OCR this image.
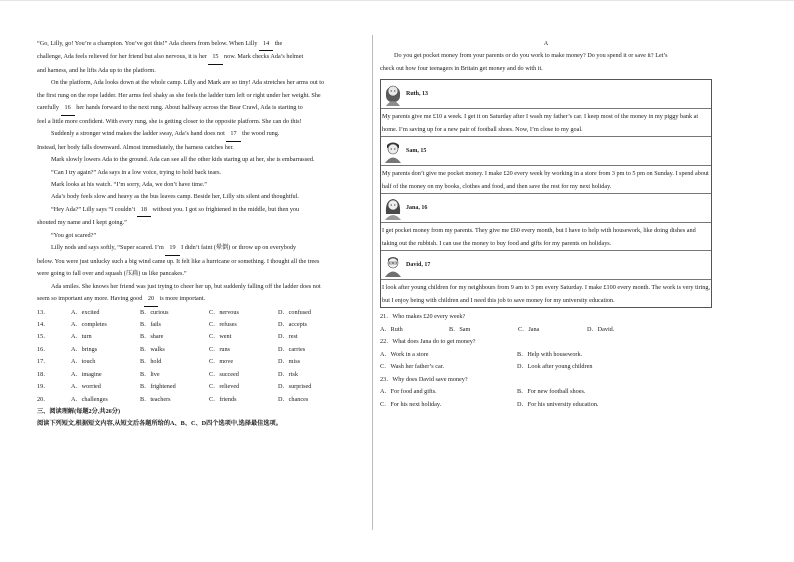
“Go, Lilly, go! You’re a champion. You’ve got this!” Ada cheers from below. When Lilly 14 the
challenge, Ada feels relieved for her friend but also nervous, it is her 15 now. Mark checks Ada’s helmet
and harness, and he lifts Ada up to the platform.
On the platform, Ada looks down at the whole camp. Lilly and Mark are so tiny! Ada stretches her arms out to
the first rung on the rope ladder. Her arms feel shaky as she feels the ladder turn left or right under her weight. She
carefully 16 her hands forward to the next rung. About halfway across the Bear Crawl, Ada is starting to
feel a little more confident. With every rung, she is getting closer to the opposite platform. She can do this!
Suddenly a stronger wind makes the ladder sway, Ada’s hand does not 17 the wood rung.
Instead, her body falls downward. Almost immediately, the harness catches her.
Mark slowly lowers Ada to the ground. Ada can see all the other kids staring up at her, she is embarrassed.
“Can I try again?” Ada says in a low voice, trying to hold back tears.
Mark looks at his watch. “I’m sorry, Ada, we don’t have time.”
Ada’s body feels slow and heavy as the bus leaves camp. Beside her, Lilly sits silent and thoughtful.
“Hey Ada?” Lilly says “I couldn’t 18 without you. I got so frightened in the middle, but then you
shouted my name and I kept going.”
“You got scared?”
Lilly nods and says softly, “Super scared. I’m 19 I didn’t faint (晕倒) or throw up on everybody
below. You were just unlucky such a big wind came up. It felt like a hurricane or something. I thought all the trees
were going to fall over and squash (压扁) us like pancakes.”
Ada smiles. She knows her friend was just trying to cheer her up, but suddenly falling off the ladder does not
seem so important any more. Having good 20 is more important.
13．	A．excited	B．curious	C．nervous	D．confused
14．	A．completes	B．fails	C．refuses	D．accepts
15．	A．turn	B．share	C．went	D．rest
16．	A．brings	B．walks	C．runs	D．carries
17．	A．touch	B．hold	C．move	D．miss
18．	A．imagine	B．live	C．succeed	D．risk
19．	A．worried	B．frightened	C．relieved	D．surprised
20．	A．challenges	B．teachers	C．friends	D．chances
三、阅读理解(每题2分,共26分)
阅读下列短文,根据短文内容,从短文后各题所给的A、B、C、D四个选项中,选择最佳选项。
A
Do you get pocket money from your parents or do you work to make money? Do you spend it or save it? Let’s
check out how four teenagers in Britain get money and do with it.
Ruth, 13
My parents give me £10 a week. I get it on Saturday after I wash my father’s car. I keep most of the money in my piggy bank at home. I’m saving up for a new pair of football shoes. Now, I’m close to my goal.
Sam, 15
My parents don’t give me pocket money. I make £20 every week by working in a store from 3 pm to 5 pm on Sunday. I spend about half of the money on my books, clothes and food, and then save the rest for my next holiday.
Jana, 16
I get pocket money from my parents. They give me £60 every month, but I have to help with housework, like doing dishes and taking out the rubbish. I can use the money to buy food and gifts for my parents on holidays.
David, 17
I look after young children for my neighbours from 9 am to 3 pm every Saturday. I make £100 every month. The work is very tiring, but I enjoy being with children and I need this job to save money for my university education.
21．Who makes £20 every week?
A．Ruth	B．Sam	C．Jana	D．David.
22．What does Jana do to get money?
A．Work in a store	B．Help with housework.
C．Wash her father’s car.	D．Look after young children
23．Why does David save money?
A．For food and gifts.	B．For new football shoes.
C．For his next holiday.	D．For his university education.
